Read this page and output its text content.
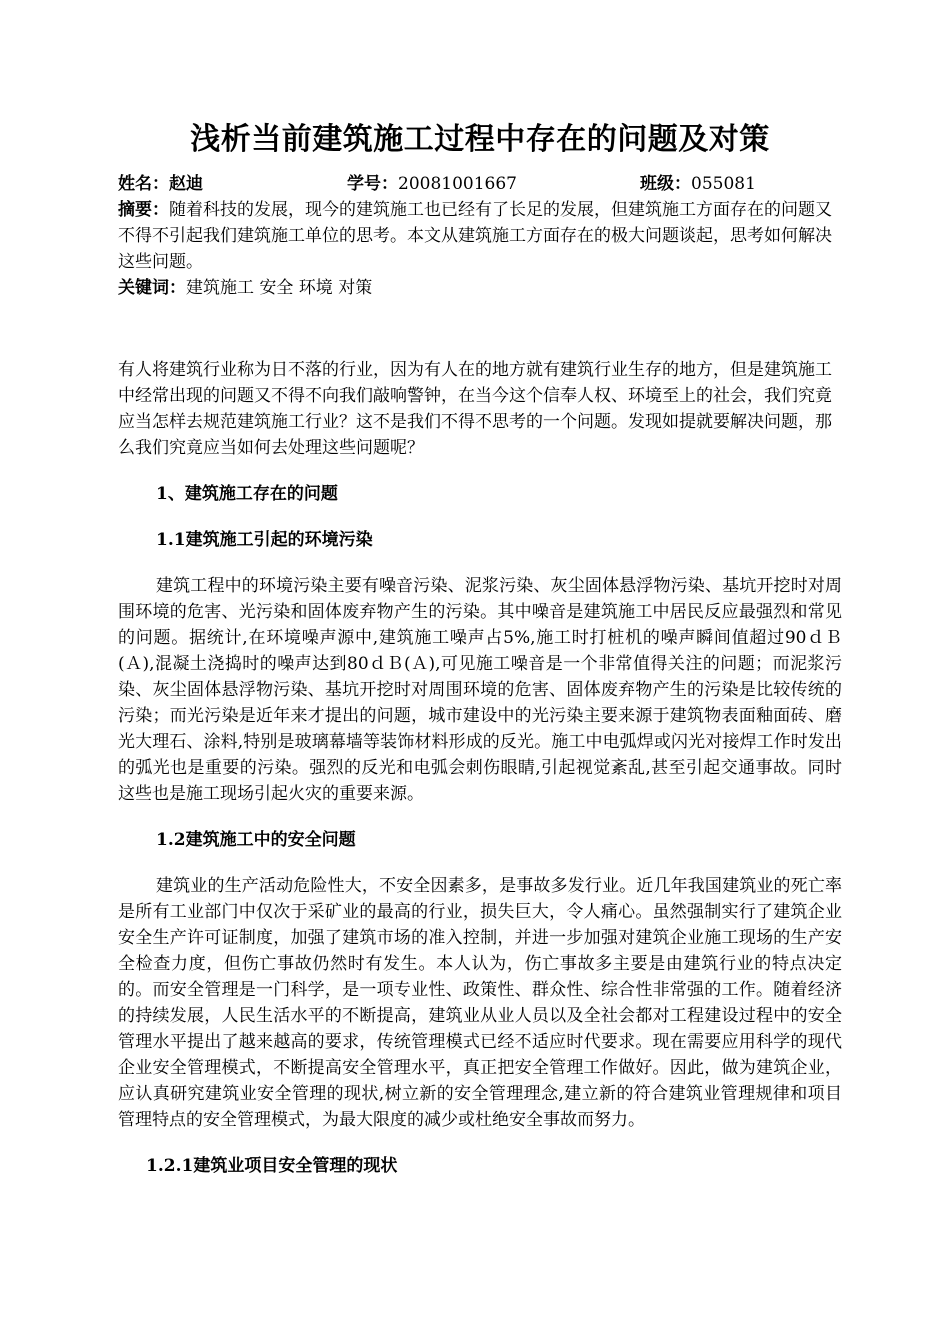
浅析当前建筑施工过程中存在的问题及对策
姓名：赵迪	学号：20081001667	班级：055081

摘要：随着科技的发展，现今的建筑施工也已经有了长足的发展，但建筑施工方面存在的问题又不得不引起我们建筑施工单位的思考。本文从建筑施工方面存在的极大问题谈起，思考如何解决这些问题。

关键词：建筑施工 安全 环境 对策

有人将建筑行业称为日不落的行业，因为有人在的地方就有建筑行业生存的地方，但是建筑施工中经常出现的问题又不得不向我们敲响警钟，在当今这个信奉人权、环境至上的社会，我们究竟应当怎样去规范建筑施工行业？这不是我们不得不思考的一个问题。发现如提就要解决问题，那么我们究竟应当如何去处理这些问题呢？

1、建筑施工存在的问题
1.1建筑施工引起的环境污染

建筑工程中的环境污染主要有噪音污染、泥浆污染、灰尘固体悬浮物污染、基坑开挖时对周围环境的危害、光污染和固体废弃物产生的污染。其中噪音是建筑施工中居民反应最强烈和常见的问题。据统计,在环境噪声源中,建筑施工噪声占5%,施工时打桩机的噪声瞬间值超过90ｄＢ(Ａ),混凝土浇捣时的噪声达到80ｄＢ(Ａ),可见施工噪音是一个非常值得关注的问题；而泥浆污染、灰尘固体悬浮物污染、基坑开挖时对周围环境的危害、固体废弃物产生的污染是比较传统的污染；而光污染是近年来才提出的问题，城市建设中的光污染主要来源于建筑物表面釉面砖、磨光大理石、涂料,特别是玻璃幕墙等装饰材料形成的反光。施工中电弧焊或闪光对接焊工作时发出的弧光也是重要的污染。强烈的反光和电弧会刺伤眼睛,引起视觉紊乱,甚至引起交通事故。同时这些也是施工现场引起火灾的重要来源。

1.2建筑施工中的安全问题

建筑业的生产活动危险性大，不安全因素多，是事故多发行业。近几年我国建筑业的死亡率是所有工业部门中仅次于采矿业的最高的行业，损失巨大，令人痛心。虽然强制实行了建筑企业安全生产许可证制度，加强了建筑市场的准入控制，并进一步加强对建筑企业施工现场的生产安全检查力度，但伤亡事故仍然时有发生。本人认为，伤亡事故多主要是由建筑行业的特点决定的。而安全管理是一门科学，是一项专业性、政策性、群众性、综合性非常强的工作。随着经济的持续发展，人民生活水平的不断提高，建筑业从业人员以及全社会都对工程建设过程中的安全管理水平提出了越来越高的要求，传统管理模式已经不适应时代要求。现在需要应用科学的现代企业安全管理模式，不断提高安全管理水平，真正把安全管理工作做好。因此，做为建筑企业，应认真研究建筑业安全管理的现状,树立新的安全管理理念,建立新的符合建筑业管理规律和项目管理特点的安全管理模式，为最大限度的减少或杜绝安全事故而努力。

1.2.1建筑业项目安全管理的现状
